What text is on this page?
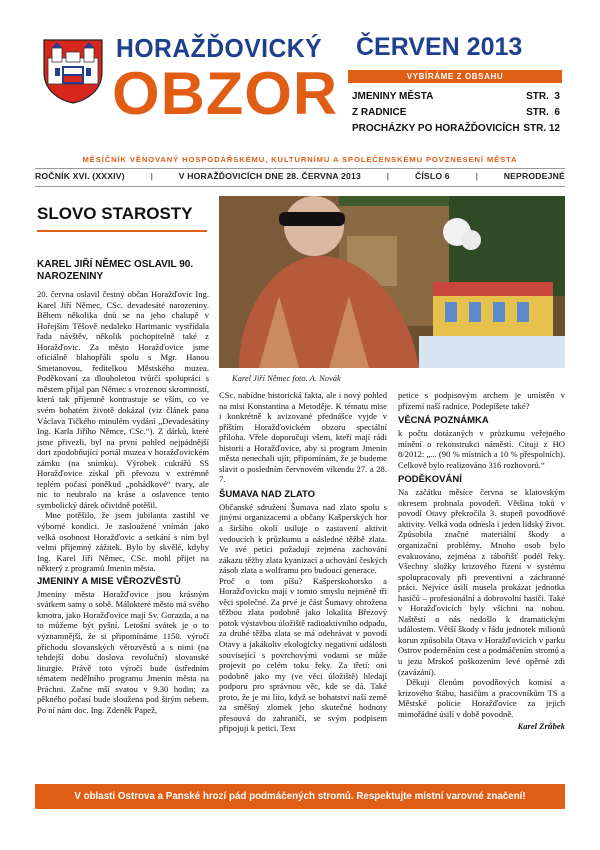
HORAŽĎOVICKÝ
OBZOR
ČERVEN 2013
VYBÍRÁME Z OBSAHU
JMENINY MĚSTA	STR.  3
Z RADNICE	STR.  6
PROCHÁZKY PO HORAŽĎOVICÍCH STR. 12
MĚSÍČNÍK VĚNOVANÝ HOSPODÁŘSKÉMU, KULTURNÍMU A SPOLEČENSKÉMU POVZNESENÍ MĚSTA
ROČNÍK XVI. (XXXIV)	|	V HORAŽĎOVICÍCH DNE 28. ČERVNA 2013	|	ČÍSLO 6	|	NEPRODEJNÉ
SLOVO STAROSTY
Karel Jiří Němec foto. A. Novák
KAREL JIŘÍ NĚMEC OSLAVIL 90. NAROZENINY

20. června oslavil čestný občan Horažďovic Ing. Karel Jiří Němec, CSc. devadesáté narozeniny. Během několika dnů se na jeho chalupě v Hořejším Těšově nedaleko Hartmanic vystřídala řada návštěv, několik pochopitelně také z Horažďovic. Za město Horažďovice jsme oficiálně blahopřáli spolu s Mgr. Hanou Smetanovou, ředitelkou Městského muzea. Poděkovaní za dlouholetou tvůrčí spolupráci s městem přijal pan Němec s vrozenou skromností, která tak příjemně kontrastuje se vším, co ve svém bohatém životě dokázal (viz článek pana Václava Tičkého minulém vydání „Devadesátiny Ing. Karla Jiřího Němce, CSc.“). Z dárků, které jsme přivezli, byl na první pohled nejpádnější dort zpodobňující portál muzea v horažďovickém zámku (na snímku). Výrobek cukrářů SS Horažďovice získal při převozu v extrémně teplém počasí poněkud „pohádkové“ tvary, ale nic to neubralo na kráse a oslavence tento symbolický dárek očividně potěšil.

Mne potěšilo, že jsem jubilanta zastihl ve výborné kondici. Je zasloužené vnímán jako velká osobnost Horažďovic a setkání s ním byl velmi příjemný zážitek. Bylo by skvělé, kdyby Ing. Karel Jiří Němec, CSc. mohl přijet na některý z programů Jmenin města.

JMENINY A MISE VĚROZVĚSTŮ

Jmeniny města Horažďovice jsou krásným svátkem samy o sobě. Málokteré město má svého kmotra, jako Horažďovice mají Sv. Gorazda, a na to můžeme být pyšní. Letošní svátek je o to významnější, že si připomínáme 1150. výročí příchodu slovanských věrozvěstů a s nimi (na tehdejší dobu doslova revoluční) slovanské liturgie. Právě toto výročí bude ústředním tématem nedělního programu Jmenin města na Práchni. Začne mší svatou v 9.30 hodin; za pěkného počasí bude sloužena pod širým nebem. Po ní nám doc. Ing. Zdeněk Papež,

CSc. nabídne historická fakta, ale i nový pohled na misi Konstantina a Metoděje. K tématu mise i konkrétně k avizované přednášce vyjde v příštím Horažďovickém obzoru speciální příloha. Vřele doporučuji všem, kteří mají rádi historii a Horažďovice, aby si program Jmenin města nenechali ujít; připomínám, že je budeme slavit o posledním červnovém víkendu 27. a 28. 7.

ŠUMAVA NAD ZLATO

Občanské sdružení Šumava nad zlato spolu s jinými organizacemi a občany Kašperských hor a širšího okolí usiluje o zastavení aktivit vedoucích k průzkumu a následné těžbě zlata. Ve své petici požadují zejména zachování zákazu těžby zlata kyanizací a uchování českých zásob zlata a wolframu pro budoucí generace.

Proč o tom píšu? Kašperskohorsko a Horažďovicko mají v tomto smyslu nejméně tři věci společné. Za prvé je část Šumavy ohrožena těžbou zlata podobně jako lokalita Březový potok výstavbou úložiště radioaktivního odpadu, za druhé těžba zlata se má odehrávat v povodí Otavy a jakákoliv ekologicky negativní události související s povrchovými vodami se může projevit po celém toku řeky. Za třetí: oni podobně jako my (ve věci úložiště) hledají podporu pro správnou věc, kde se dá. Také proto, že je mi líto, když se bohatství naší země za směšný zlomek jeho skutečné hodnoty přesouvá do zahraničí, se svým podpisem připojuji k petici. Text

petice s podpisovým archem je umístěn v přízemí naší radnice. Podepíšete také?

VĚCNÁ POZNÁMKA

k počtu dotázaných v průzkumu veřejného mínění o rekonstrukci náměstí. Cituji z HO 8/2012: „... (90 % místních a 10 % přespolních). Celkově bylo realizováno 316 rozhovorů.“

PODĚKOVÁNÍ

Na začátku měsíce června se klatovským okresem prohnala povodeň. Většina toků v povodí Otavy překročila 3. stupeň povodňové aktivity. Velká voda odnesla i jeden lidský život. Způsobila značné materiální škody a organizační problémy. Mnoho osob bylo evakuováno, zejména z tábořišť podél řeky. Všechny složky krizového řízení v systému spolupracovaly při preventivní a záchranné práci. Nejvíce úsilí musela prokázat jednotka hasičů – profesionální a dobrovolní hasiči. Také v Horažďovicích byly všichni na nohou. Naštěstí u nás nedošlo k dramatickým událostem. Větší škody v řádu jednotek milionů korun způsobila Otava v Horažďovicích v parku Ostrov poderněním cest a podmáčením stromů a u jezu Mrskoš poškozením levé opěrné zdi (zavázání).

Děkuji členům povodňových komisí a krizového štábu, hasičům a pracovníkům TS a Městské policie Horažďovice za jejich mimořádné úsilí v době povodně.

Karel Zrůbek
V oblasti Ostrova a Panské hrozí pád podmáčených stromů. Respektujte místní varovné značení!
